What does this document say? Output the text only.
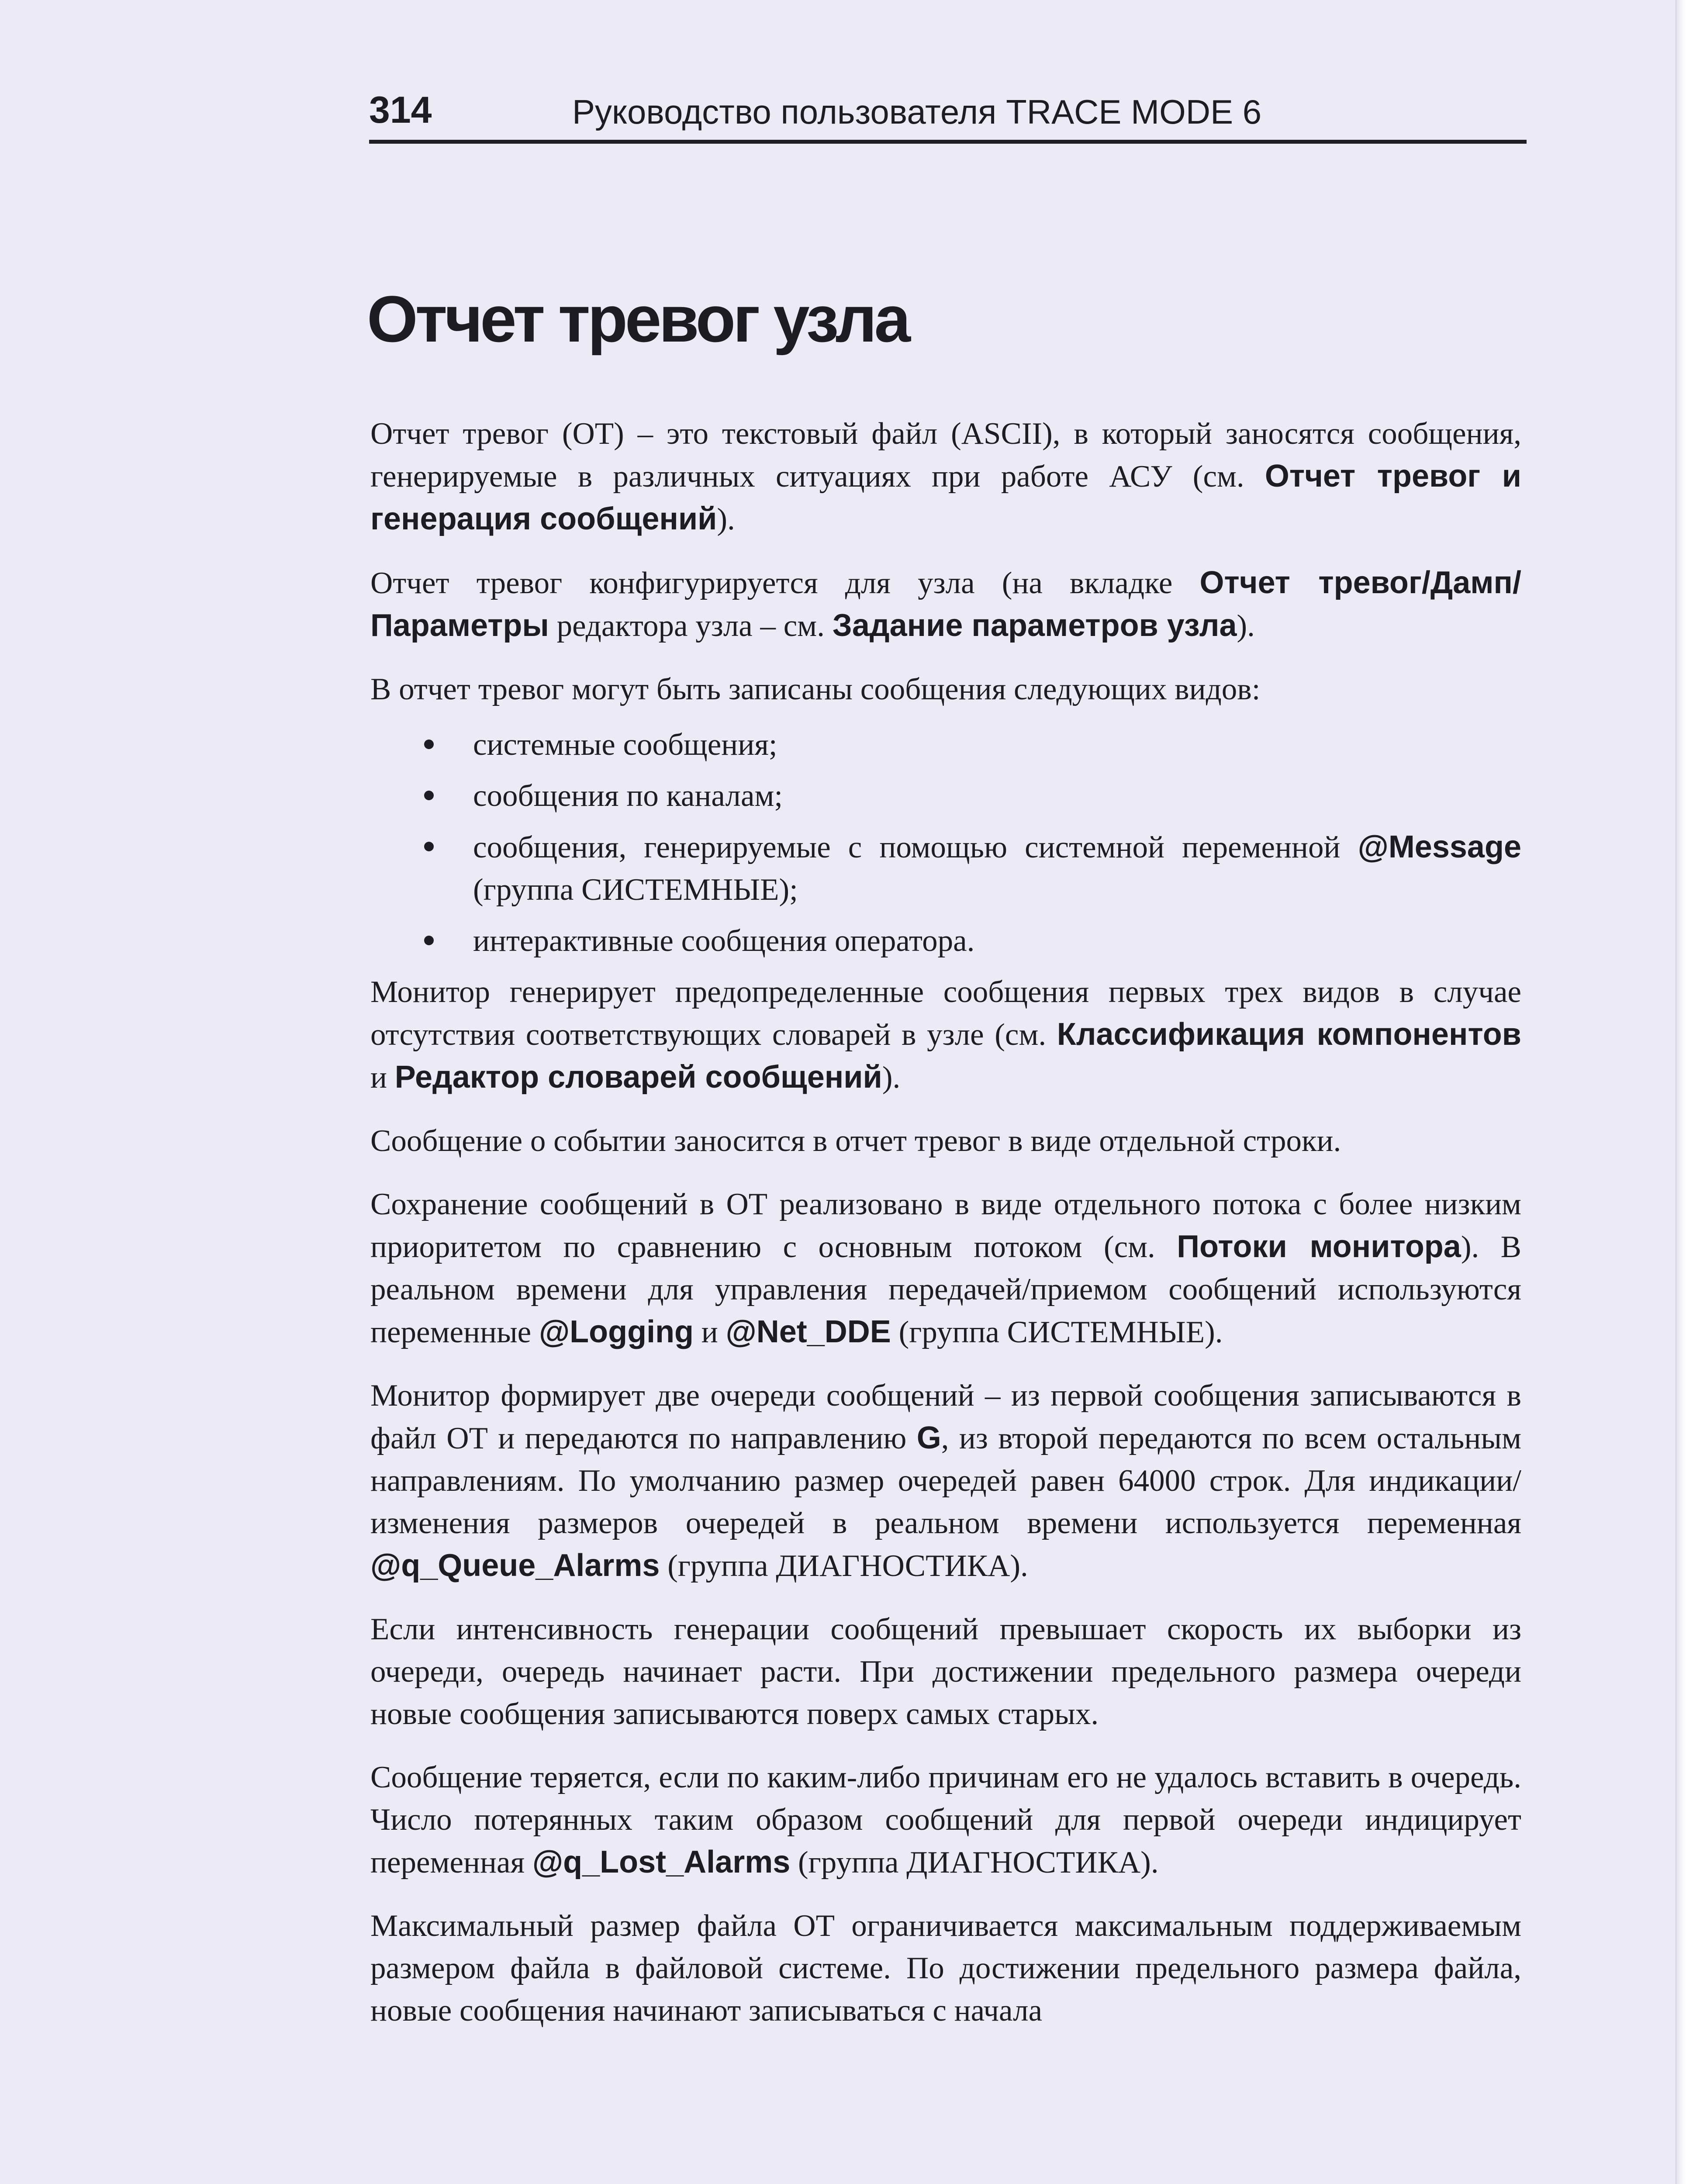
314	Руководство пользователя TRACE MODE 6
Отчет тревог узла

Отчет тревог (ОТ) – это текстовый файл (ASCII), в который заносятся сообщения, генерируемые в различных ситуациях при работе АСУ (см. Отчет тревог и генерация сообщений).

Отчет тревог конфигурируется для узла (на вкладке Отчет тревог/Дамп/Параметры редактора узла – см. Задание параметров узла).

В отчет тревог могут быть записаны сообщения следующих видов:

системные сообщения;
сообщения по каналам;
сообщения, генерируемые с помощью системной переменной @Message (группа СИСТЕМНЫЕ);
интерактивные сообщения оператора.

Монитор генерирует предопределенные сообщения первых трех видов в случае отсутствия соответствующих словарей в узле (см. Классификация компонентов и Редактор словарей сообщений).

Сообщение о событии заносится в отчет тревог в виде отдельной строки.

Сохранение сообщений в ОТ реализовано в виде отдельного потока с более низким приоритетом по сравнению с основным потоком (см. Потоки монитора). В реальном времени для управления передачей/приемом сообщений используются переменные @Logging и @Net_DDE (группа СИСТЕМНЫЕ).

Монитор формирует две очереди сообщений – из первой сообщения записываются в файл ОТ и передаются по направлению G, из второй передаются по всем остальным направлениям. По умолчанию размер очередей равен 64000 строк. Для индикации/изменения размеров очередей в реальном времени используется переменная @q_Queue_Alarms (группа ДИАГНОСТИКА).

Если интенсивность генерации сообщений превышает скорость их выборки из очереди, очередь начинает расти. При достижении предельного размера очереди новые сообщения записываются поверх самых старых.

Сообщение теряется, если по каким-либо причинам его не удалось вставить в очередь. Число потерянных таким образом сообщений для первой очереди индицирует переменная @q_Lost_Alarms (группа ДИАГНОСТИКА).

Максимальный размер файла ОТ ограничивается максимальным поддерживаемым размером файла в файловой системе. По достижении предельного размера файла, новые сообщения начинают записываться с начала
